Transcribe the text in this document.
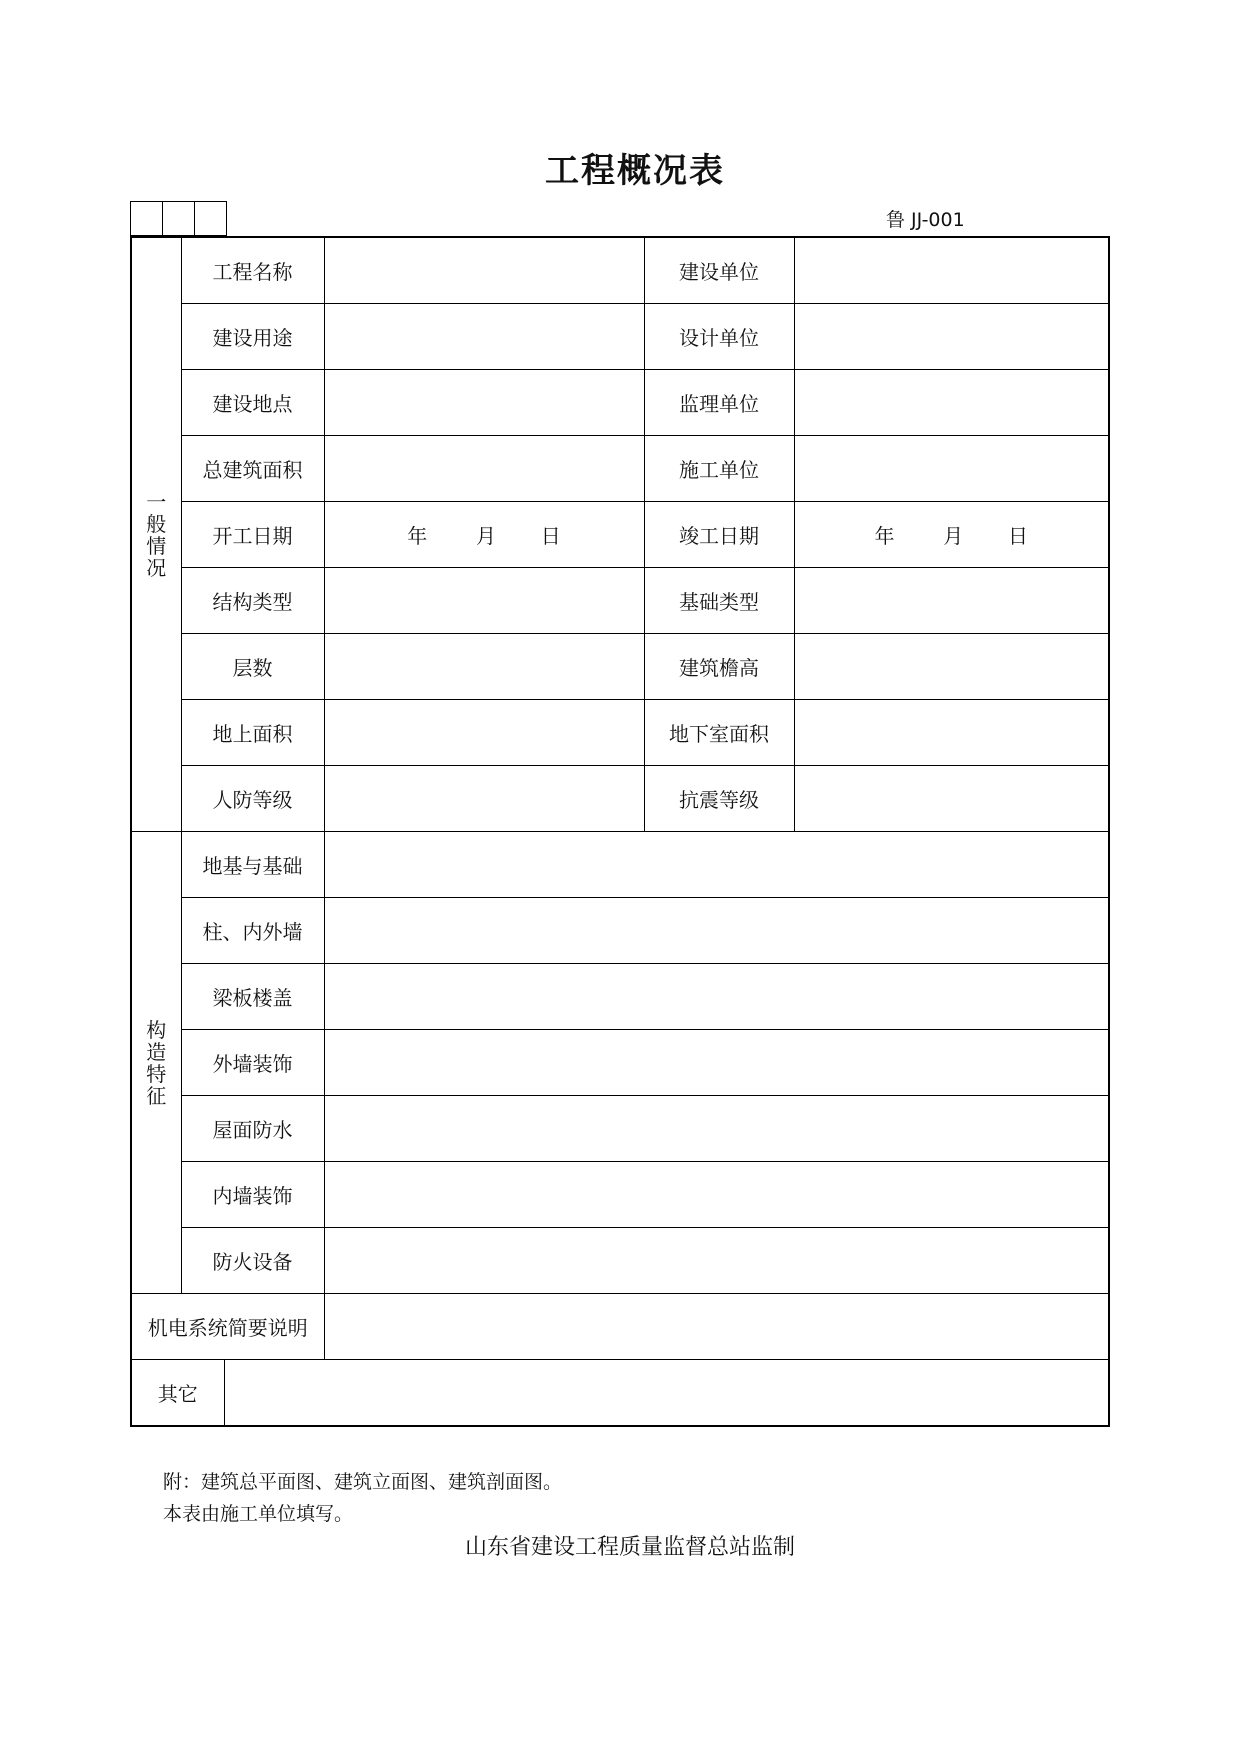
工程概况表

鲁 JJ-001
一般情况	工程名称			建设单位	
	建设用途			设计单位	
	建设地点			监理单位	
	总建筑面积			施工单位	
	开工日期		年 月 日	竣工日期	年 月 日
	结构类型			基础类型	
	层数			建筑檐高	
	地上面积			地下室面积	
	人防等级			抗震等级	

构造特征	地基与基础				
	柱、内外墙				
	梁板楼盖				
	外墙装饰				
	屋面防水				
	内墙装饰				
	防火设备				
机电系统简要说明					
其它					
附：建筑总平面图、建筑立面图、建筑剖面图。
本表由施工单位填写。
山东省建设工程质量监督总站监制
